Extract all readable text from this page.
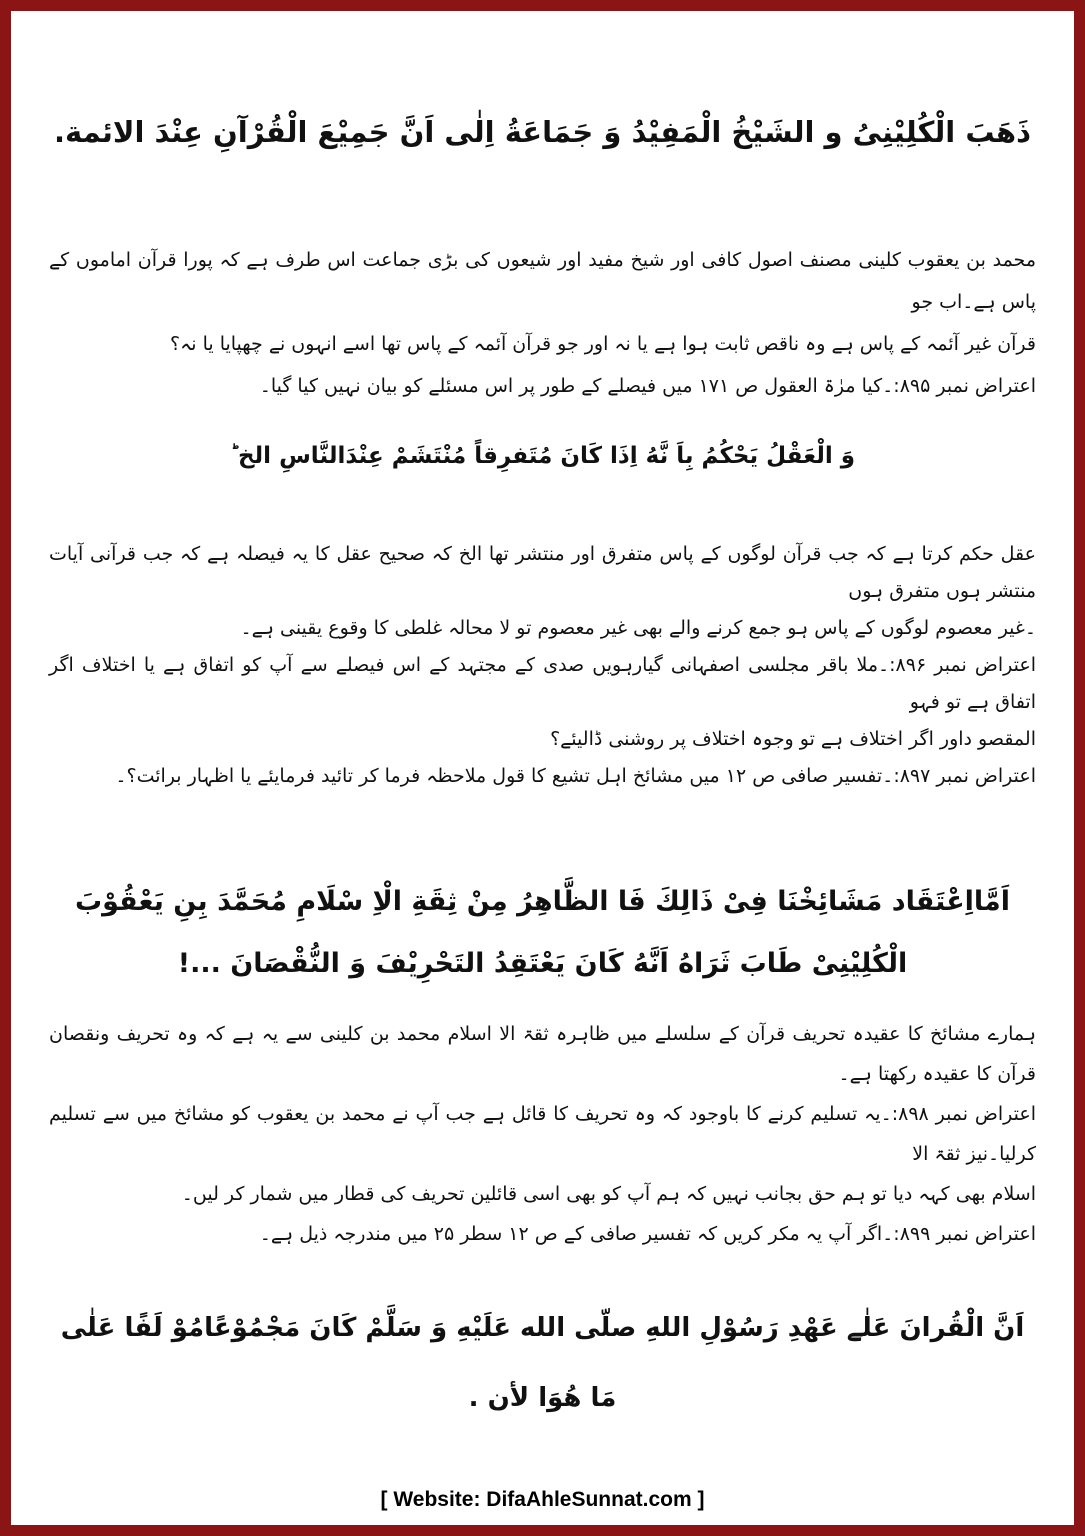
ذَهَبَ الْكُلِيْنِىُ و الشَيْخُ الْمَفِيْدُ وَ جَمَاعَةُ اِلٰى اَنَّ جَمِيْعَ الْقُرْآنِ عِنْدَ الائمة.

محمد بن یعقوب کلینی مصنف اصول کافی اور شیخ مفید اور شیعوں کی بڑی جماعت اس طرف ہے کہ پورا قرآن اماموں کے پاس ہے۔اب جو

قرآن غیر آئمہ کے پاس ہے وہ ناقص ثابت ہوا ہے یا نہ اور جو قرآن آئمہ کے پاس تھا اسے انہوں نے چھپایا یا نہ؟

اعتراض نمبر ۸۹۵:۔کیا مرٰۃ العقول ص ۱۷۱ میں فیصلے کے طور پر اس مسئلے کو بیان نہیں کیا گیا۔

وَ الْعَقْلُ يَحْكُمُ بِاَ نَّهُ اِذَا كَانَ مُتَفرِقاً مُنْتَشَمْ عِنْدَالنَّاسِ الخ ؕ

عقل حکم کرتا ہے کہ جب قرآن لوگوں کے پاس متفرق اور منتشر تھا الخ کہ صحیح عقل کا یہ فیصلہ ہے کہ جب قرآنی آیات منتشر ہوں متفرق ہوں

۔غیر معصوم لوگوں کے پاس ہو جمع کرنے والے بھی غیر معصوم تو لا محالہ غلطی کا وقوع یقینی ہے۔

اعتراض نمبر ۸۹۶:۔ملا باقر مجلسی اصفہانی گیارہویں صدی کے مجتہد کے اس فیصلے سے آپ کو اتفاق ہے یا اختلاف اگر اتفاق ہے تو فہو

المقصو داور اگر اختلاف ہے تو وجوہ اختلاف پر روشنی ڈالیئے؟

اعتراض نمبر ۸۹۷:۔تفسیر صافی ص ۱۲ میں مشائخ اہل تشیع کا قول ملاحظہ فرما کر تائید فرمایئے یا اظہار برائت؟۔

اَمَّااِعْتَقَاد مَشَائِخْنَا فِىْ ذَالِكَ فَا الظَّاهِرُ مِنْ ثِقَةِ الْاِ سْلَامِ مُحَمَّدَ بِنِ يَعْقُوْبَ الْكُلِيْنِىْ طَابَ ثَرَاهُ اَنَّهُ كَانَ يَعْتَقِدُ التَحْرِيْفَ وَ النُّقْصَانَ ...!

ہمارے مشائخ کا عقیدہ تحریف قرآن کے سلسلے میں ظاہرہ ثقۃ الا اسلام محمد بن کلینی سے یہ ہے کہ وہ تحریف ونقصان قرآن کا عقیدہ رکھتا ہے۔

اعتراض نمبر ۸۹۸:۔یہ تسلیم کرنے کا باوجود کہ وہ تحریف کا قائل ہے جب آپ نے محمد بن یعقوب کو مشائخ میں سے تسلیم کرلیا۔نیز ثقۃ الا

اسلام بھی کہہ دیا تو ہم حق بجانب نہیں کہ ہم آپ کو بھی اسی قائلین تحریف کی قطار میں شمار کر لیں۔

اعتراض نمبر ۸۹۹:۔اگر آپ یہ مکر کریں کہ تفسیر صافی کے ص ۱۲ سطر ۲۵ میں مندرجہ ذیل ہے۔

اَنَّ الْقُرانَ عَلٰے عَهْدِ رَسُوْلِ اللهِ صلّى الله عَلَيْهِ وَ سَلَّمْ كَانَ مَجْمُوْعًامُوْ لَفًا عَلٰى مَا هُوَا لأن .
[ Website: DifaAhleSunnat.com ]
